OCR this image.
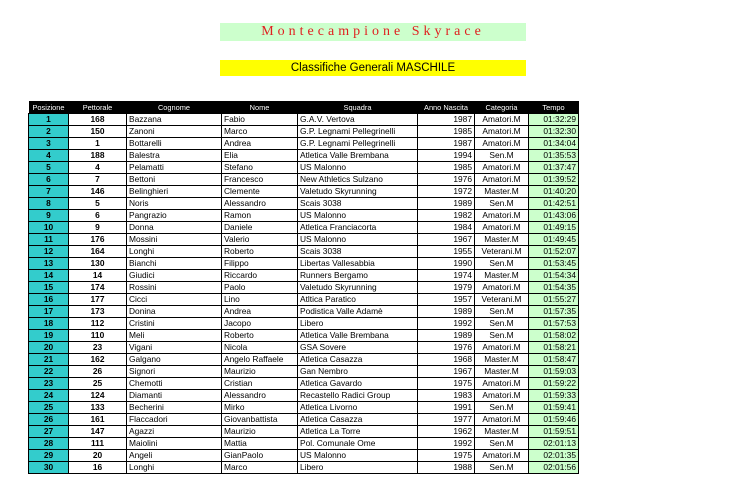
Montecampione Skyrace
Classifiche Generali MASCHILE
Posizione	Pettorale	Cognome	Nome	Squadra	Anno Nascita	Categoria	Tempo
1	168	Bazzana	Fabio	G.A.V. Vertova	1987	Amatori.M	01:32:29
2	150	Zanoni	Marco	G.P. Legnami Pellegrinelli	1985	Amatori.M	01:32:30
3	1	Bottarelli	Andrea	G.P. Legnami Pellegrinelli	1987	Amatori.M	01:34:04
4	188	Balestra	Elia	Atletica Valle Brembana	1994	Sen.M	01:35:53
5	4	Pelamatti	Stefano	US Malonno	1985	Amatori.M	01:37:47
6	7	Bettoni	Francesco	New Athletics Sulzano	1976	Amatori.M	01:39:52
7	146	Belinghieri	Clemente	Valetudo Skyrunning	1972	Master.M	01:40:20
8	5	Noris	Alessandro	Scais 3038	1989	Sen.M	01:42:51
9	6	Pangrazio	Ramon	US Malonno	1982	Amatori.M	01:43:06
10	9	Donna	Daniele	Atletica Franciacorta	1984	Amatori.M	01:49:15
11	176	Mossini	Valerio	US Malonno	1967	Master.M	01:49:45
12	164	Longhi	Roberto	Scais 3038	1955	Veterani.M	01:52:07
13	130	Bianchi	Filippo	Libertas Vallesabbia	1990	Sen.M	01:53:45
14	14	Giudici	Riccardo	Runners Bergamo	1974	Master.M	01:54:34
15	174	Rossini	Paolo	Valetudo Skyrunning	1979	Amatori.M	01:54:35
16	177	Cicci	Lino	Atltica Paratico	1957	Veterani.M	01:55:27
17	173	Donina	Andrea	Podistica Valle Adamè	1989	Sen.M	01:57:35
18	112	Cristini	Jacopo	Libero	1992	Sen.M	01:57:53
19	110	Meli	Roberto	Atletica Valle Brembana	1989	Sen.M	01:58:02
20	23	Vigani	Nicola	GSA Sovere	1976	Amatori.M	01:58:21
21	162	Galgano	Angelo Raffaele	Atletica Casazza	1968	Master.M	01:58:47
22	26	Signori	Maurizio	Gan Nembro	1967	Master.M	01:59:03
23	25	Chemotti	Cristian	Atletica Gavardo	1975	Amatori.M	01:59:22
24	124	Diamanti	Alessandro	Recastello Radici Group	1983	Amatori.M	01:59:33
25	133	Becherini	Mirko	Atletica Livorno	1991	Sen.M	01:59:41
26	161	Flaccadori	Giovanbattista	Atletica Casazza	1977	Amatori.M	01:59:46
27	147	Agazzi	Maurizio	Atletica La Torre	1962	Master.M	01:59:51
28	111	Maiolini	Mattia	Pol. Comunale Ome	1992	Sen.M	02:01:13
29	20	Angeli	GianPaolo	US Malonno	1975	Amatori.M	02:01:35
30	16	Longhi	Marco	Libero	1988	Sen.M	02:01:56
